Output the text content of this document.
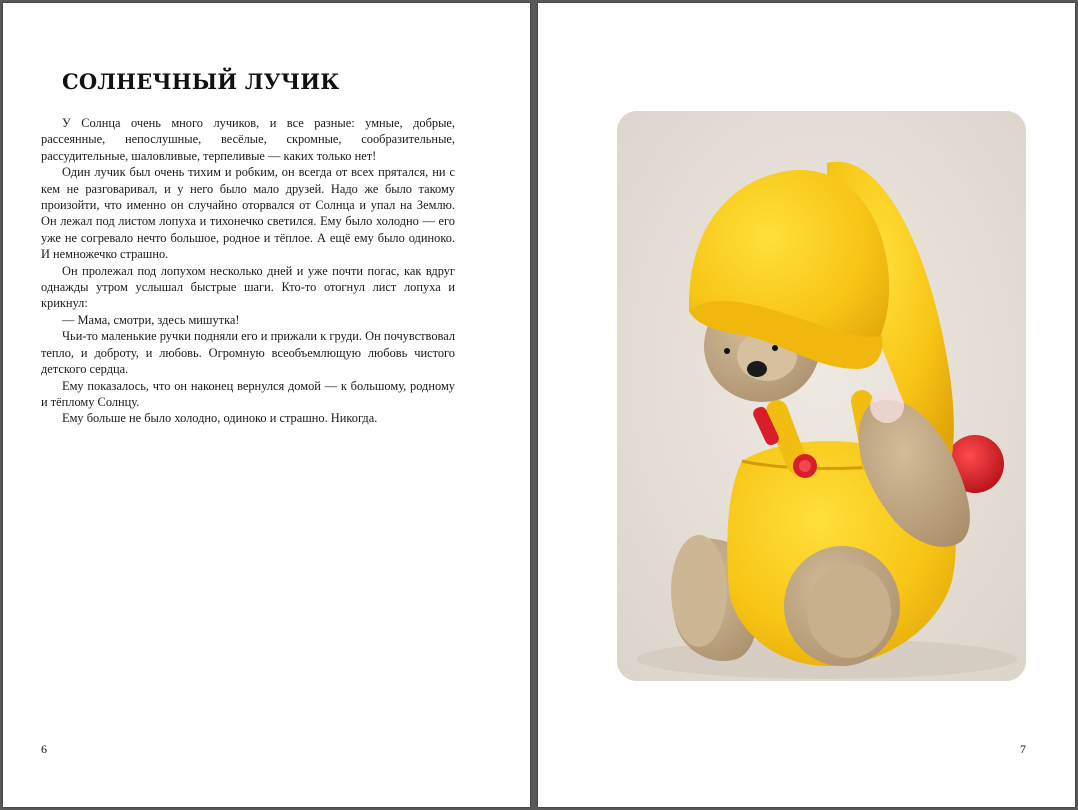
СОЛНЕЧНЫЙ ЛУЧИК

У Солнца очень много лучиков, и все разные: умные, добрые, рассеянные, непослушные, весёлые, скромные, сообразительные, рассудительные, шаловливые, терпеливые — каких только нет!

Один лучик был очень тихим и робким, он всегда от всех прятался, ни с кем не разговаривал, и у него было мало друзей. Надо же было такому произойти, что именно он случайно оторвался от Солнца и упал на Землю. Он лежал под листом лопуха и тихонечко светился. Ему было холодно — его уже не согревало нечто большое, родное и тёплое. А ещё ему было одиноко. И немножечко страшно.

Он пролежал под лопухом несколько дней и уже почти погас, как вдруг однажды утром услышал быстрые шаги. Кто-то отогнул лист лопуха и крикнул:

— Мама, смотри, здесь мишутка!

Чьи-то маленькие ручки подняли его и прижали к груди. Он почувствовал тепло, и доброту, и любовь. Огромную всеобъемлющую любовь чистого детского сердца.

Ему показалось, что он наконец вернулся домой — к большому, родному и тёплому Солнцу.

Ему больше не было холодно, одиноко и страшно. Никогда.

6	7
